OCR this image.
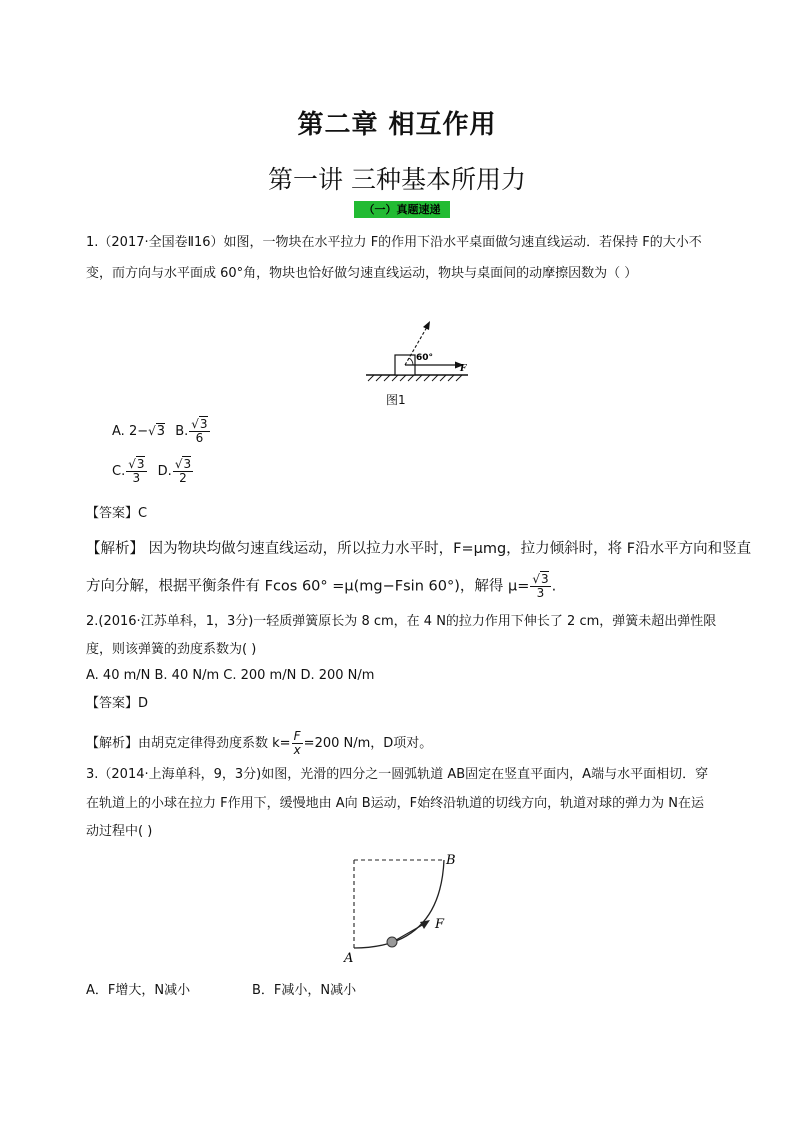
第二章 相互作用
第一讲 三种基本所用力
（一）真题速递
1.（2017·全国卷Ⅱ16）如图，一物块在水平拉力 F的作用下沿水平桌面做匀速直线运动．若保持 F的大小不
变，而方向与水平面成 60°角，物块也恰好做匀速直线运动，物块与桌面间的动摩擦因数为（ ）
60°
F
图1
A. 2−√3 B. $\frac{√3}{6}$
C. $\frac{√3}{3} D$. $\frac{√3}{2}$
【答案】C
【解析】 因为物块均做匀速直线运动，所以拉力水平时，F=μmg，拉力倾斜时，将 F沿水平方向和竖直
方向分解，根据平衡条件有 Fcos 60° =μ(mg−Fsin 60°)，解得 $\mu= \frac{√3}{3}$ .
2.(2016·江苏单科，1，3分)一轻质弹簧原长为 8 cm，在 4 N的拉力作用下伸长了 2 cm，弹簧未超出弹性限
度，则该弹簧的劲度系数为( )
A. 40 m/N B. 40 N/m C. 200 m/N D. 200 N/m
【答案】D
【解析】由胡克定律得劲度系数 $k= \frac{F}{x} =200$ N/m，D项对。
3.（2014·上海单科，9，3分)如图，光滑的四分之一圆弧轨道 AB固定在竖直平面内，A端与水平面相切．穿
在轨道上的小球在拉力 F作用下，缓慢地由 A向 B运动，F始终沿轨道的切线方向，轨道对球的弹力为 N在运
动过程中( )
A
B
F
A．F增大，N减小	B．F减小，N减小
